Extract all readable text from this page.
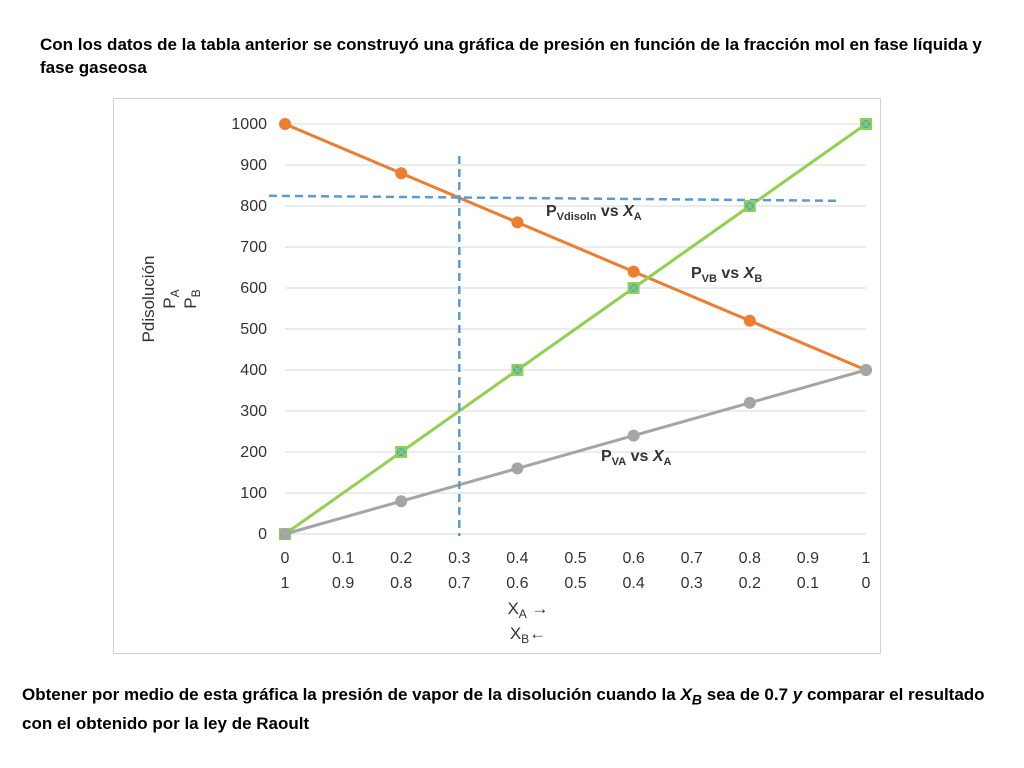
Con los datos de la tabla anterior se construyó una gráfica de presión en función de la fracción mol en fase líquida y fase gaseosa
0
100
200
300
400
500
600
700
800
900
1000
0	0.1 0.2 0.3 0.4 0.5 0.6 0.7 0.8 0.9	1
1	0.9 0.8 0.7 0.6 0.5 0.4 0.3 0.2 0.1	0
Pdisolución $P_A$
$P_B$
$X_A$ →
$X_B\leftarrow$
$P_{Vdisoln}$ vs $X_A$
$P_{VB}$ vs $X_B$
$P_{VA}$ vs $X_A$
Obtener por medio de esta gráfica la presión de vapor de la disolución cuando la $X_B$ sea de 0.7 y comparar el resultado con el obtenido por la ley de Raoult
